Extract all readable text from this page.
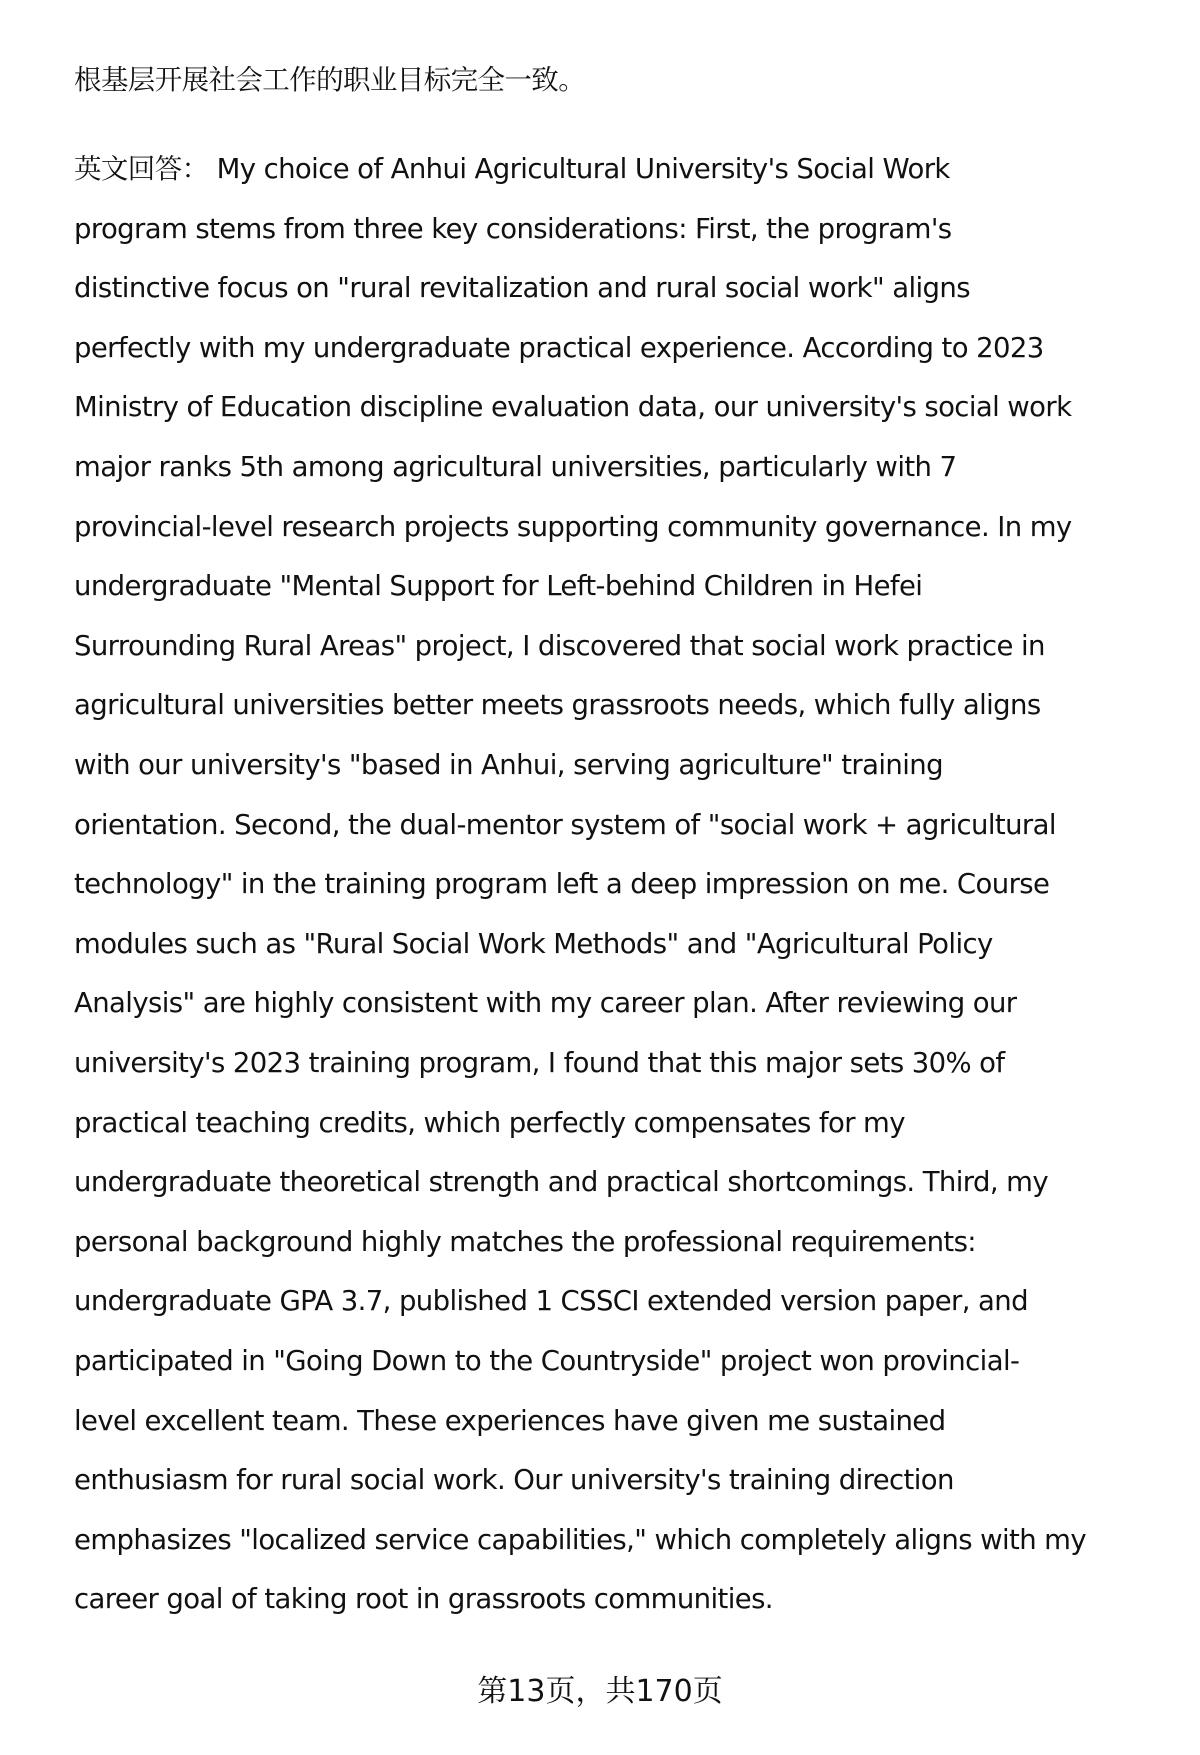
根基层开展社会工作的职业目标完全一致。
英文回答： My choice of Anhui Agricultural University's Social Work
program stems from three key considerations: First, the program's
distinctive focus on "rural revitalization and rural social work" aligns
perfectly with my undergraduate practical experience. According to 2023
Ministry of Education discipline evaluation data, our university's social work
major ranks 5th among agricultural universities, particularly with 7
provincial-level research projects supporting community governance. In my
undergraduate "Mental Support for Left-behind Children in Hefei
Surrounding Rural Areas" project, I discovered that social work practice in
agricultural universities better meets grassroots needs, which fully aligns
with our university's "based in Anhui, serving agriculture" training
orientation. Second, the dual-mentor system of "social work + agricultural
technology" in the training program left a deep impression on me. Course
modules such as "Rural Social Work Methods" and "Agricultural Policy
Analysis" are highly consistent with my career plan. After reviewing our
university's 2023 training program, I found that this major sets 30% of
practical teaching credits, which perfectly compensates for my
undergraduate theoretical strength and practical shortcomings. Third, my
personal background highly matches the professional requirements:
undergraduate GPA 3.7, published 1 CSSCI extended version paper, and
participated in "Going Down to the Countryside" project won provincial-
level excellent team. These experiences have given me sustained
enthusiasm for rural social work. Our university's training direction
emphasizes "localized service capabilities," which completely aligns with my
career goal of taking root in grassroots communities.
第13页，共170页
